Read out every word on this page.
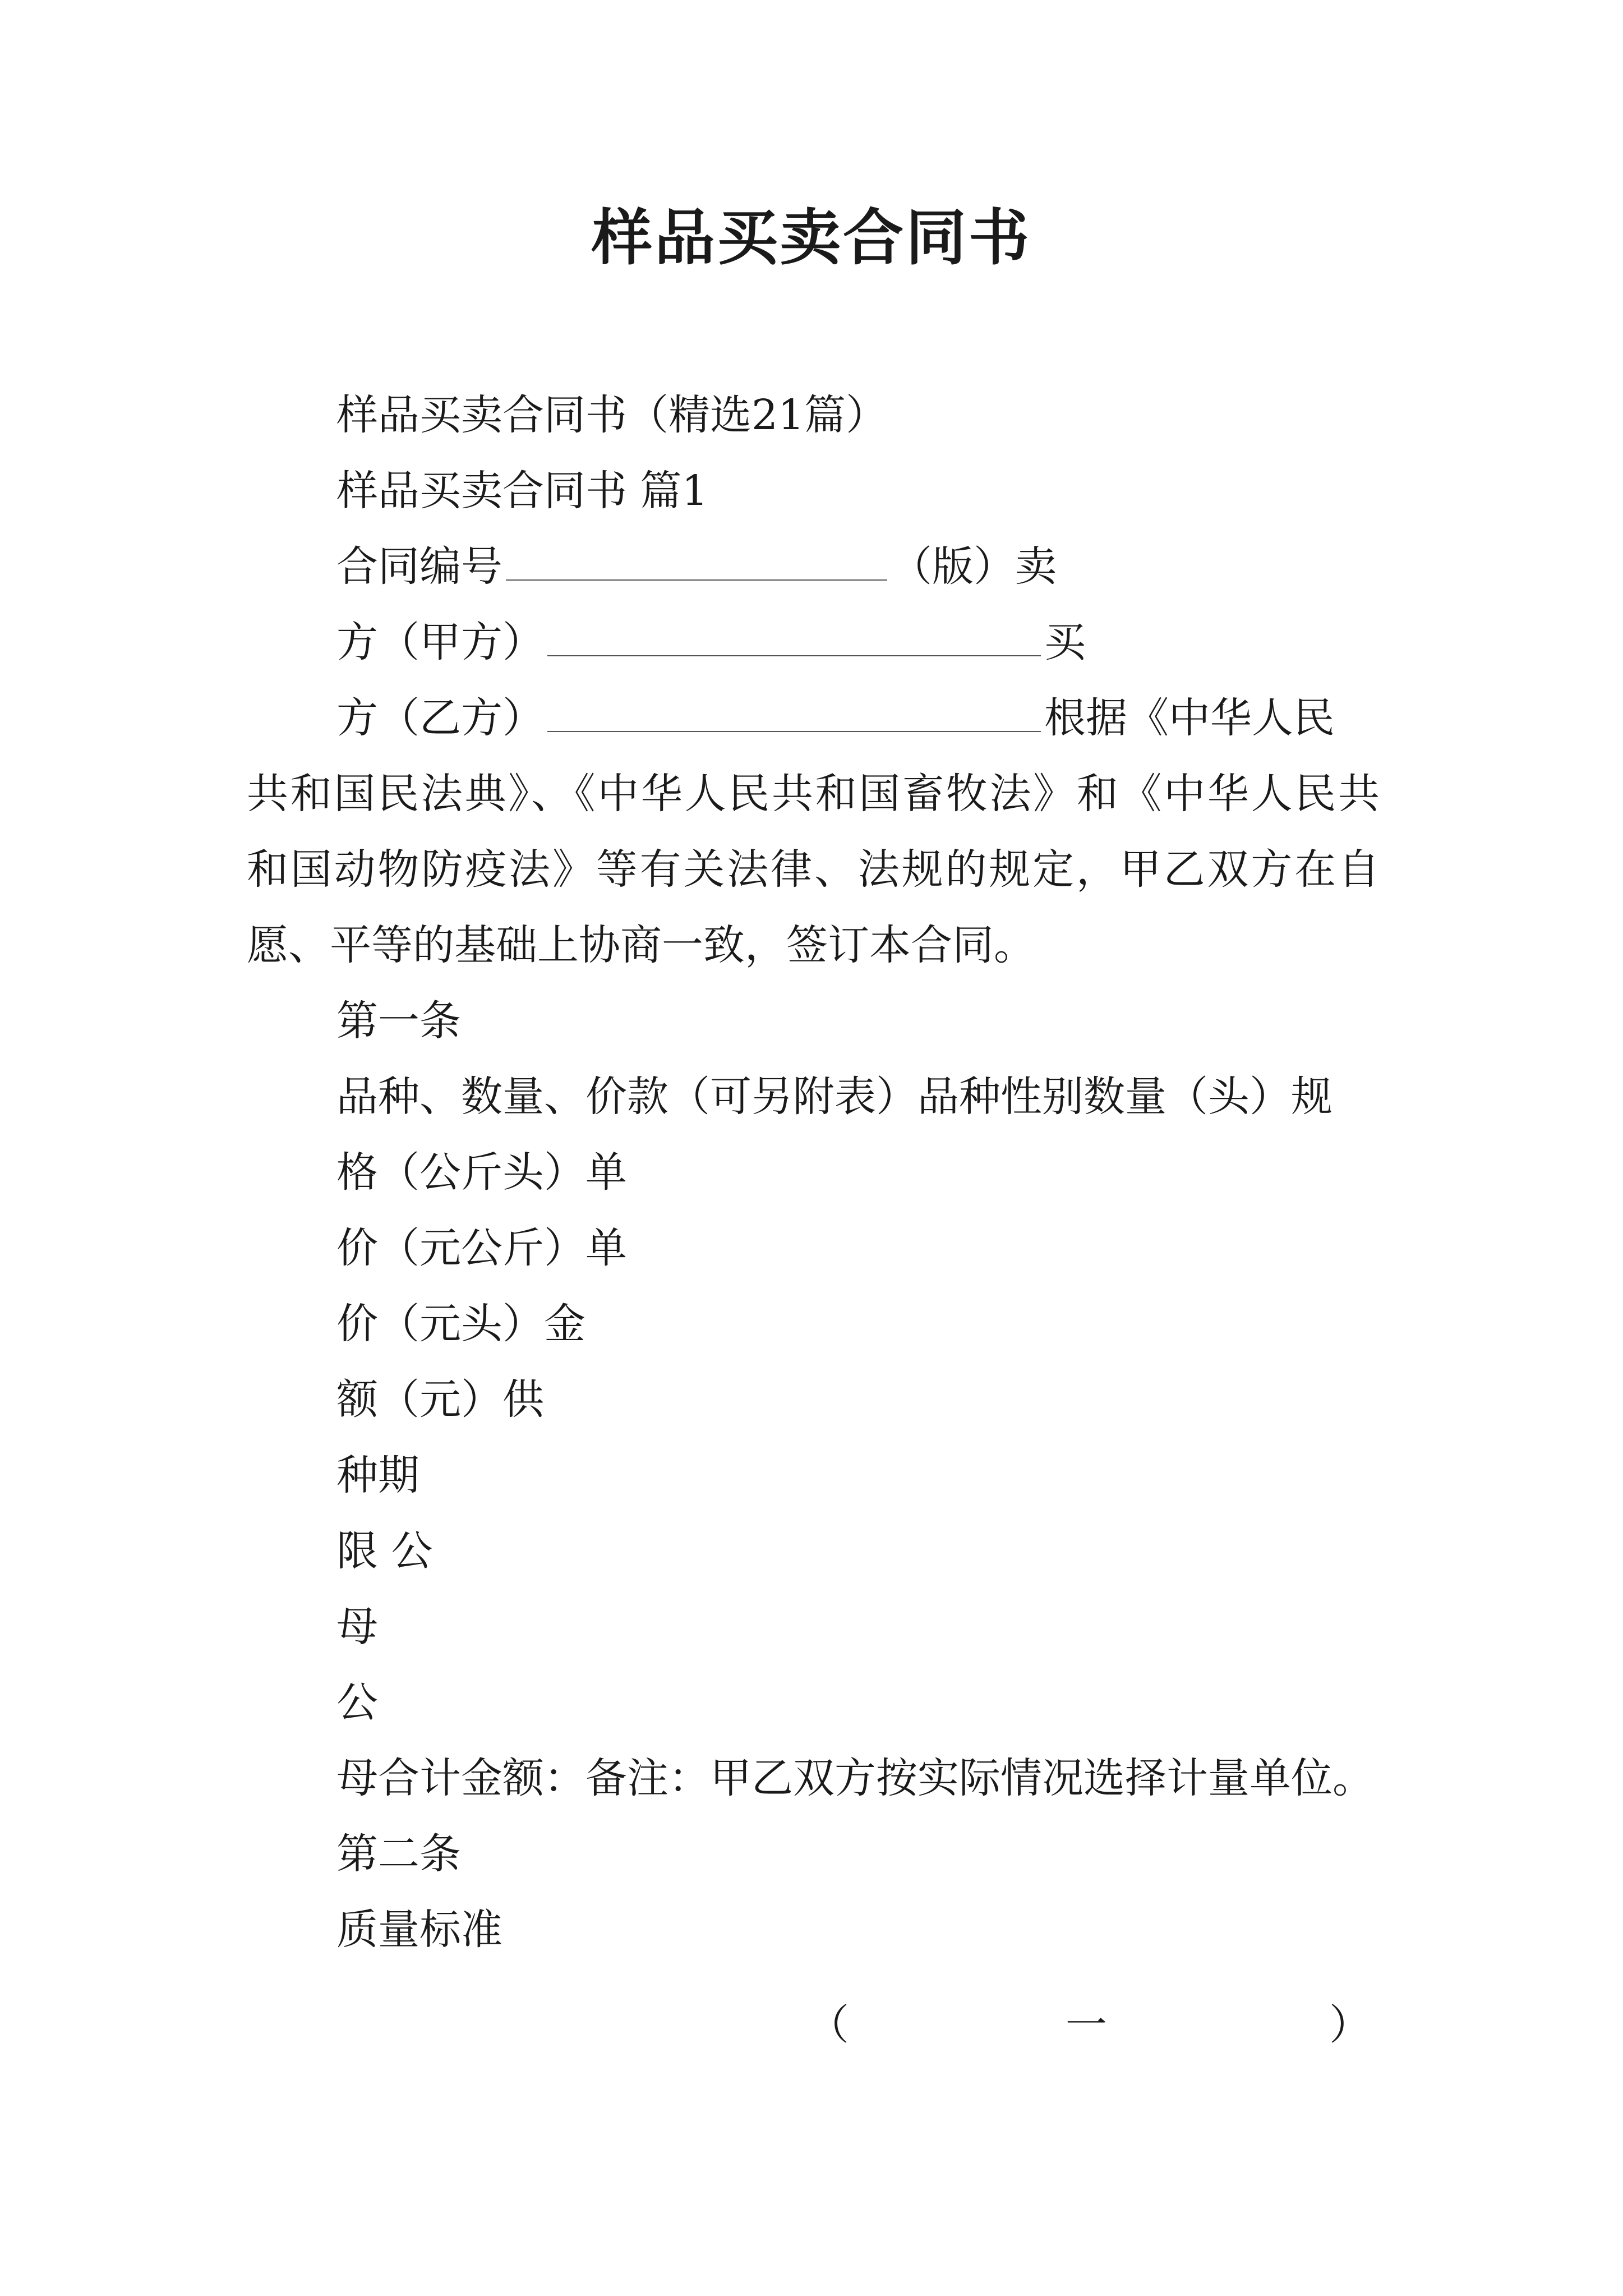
样品买卖合同书
样品买卖合同书（精选21篇）
样品买卖合同书 篇1
合同编号	（版）卖
方（甲方）	买
方（乙方）	根据《中华人民
共和国民法典》、《中华人民共和国畜牧法》和《中华人民共
和国动物防疫法》等有关法律、法规的规定，甲乙双方在自
愿、平等的基础上协商一致，签订本合同。
第一条
品种、数量、价款（可另附表）品种性别数量（头）规
格（公斤头）单
价（元公斤）单
价（元头）金
额（元）供
种期
限 公
母
公
母合计金额：备注：甲乙双方按实际情况选择计量单位。
第二条
质量标准
（	一	）
